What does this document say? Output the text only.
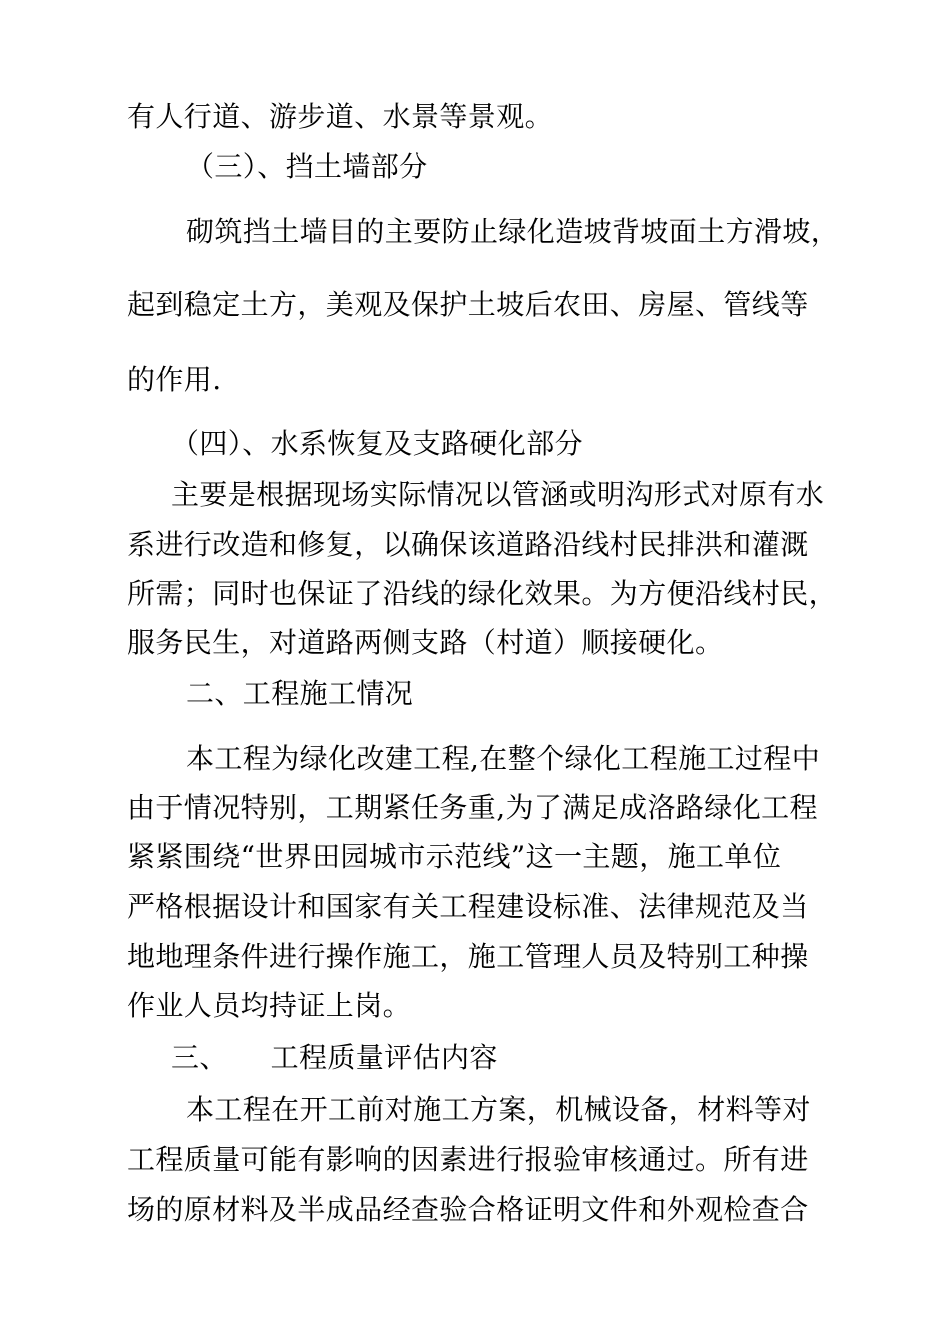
有人行道、游步道、水景等景观。
（三）、挡土墙部分
砌筑挡土墙目的主要防止绿化造坡背坡面土方滑坡，
起到稳定土方，美观及保护土坡后农田、房屋、管线等
的作用.
（四）、水系恢复及支路硬化部分
主要是根据现场实际情况以管涵或明沟形式对原有水
系进行改造和修复，以确保该道路沿线村民排洪和灌溉
所需；同时也保证了沿线的绿化效果。为方便沿线村民，
服务民生，对道路两侧支路（村道）顺接硬化。
二、工程施工情况
本工程为绿化改建工程,在整个绿化工程施工过程中
由于情况特别，工期紧任务重,为了满足成洛路绿化工程
紧紧围绕“世界田园城市示范线”这一主题，施工单位
严格根据设计和国家有关工程建设标准、法律规范及当
地地理条件进行操作施工，施工管理人员及特别工种操
作业人员均持证上岗。
三、　　工程质量评估内容
本工程在开工前对施工方案，机械设备，材料等对
工程质量可能有影响的因素进行报验审核通过。所有进
场的原材料及半成品经查验合格证明文件和外观检查合
